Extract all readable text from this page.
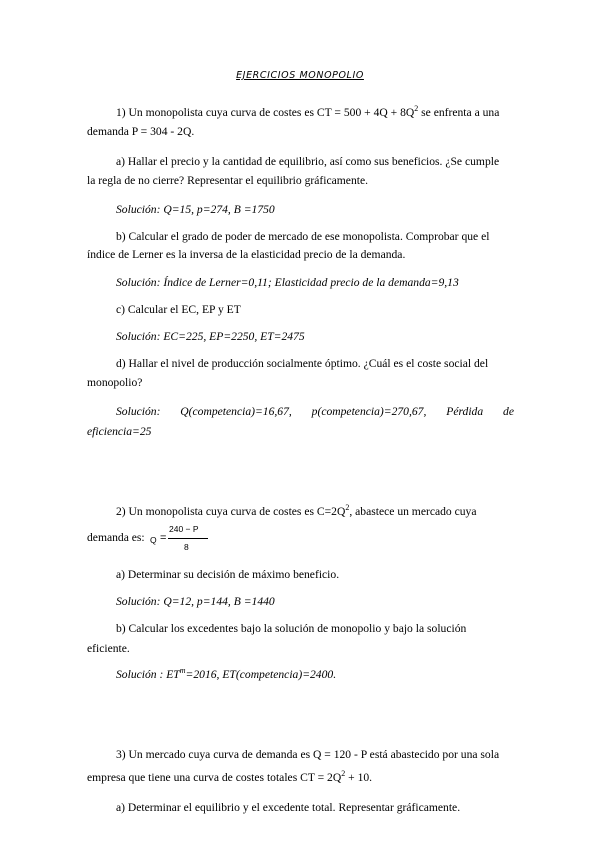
EJERCICIOS MONOPOLIO
1) Un monopolista cuya curva de costes es CT = $500 + 4Q + 8Q^2$ se enfrenta a una
demanda P = 304 - 2Q.
a) Hallar el precio y la cantidad de equilibrio, así como sus beneficios. ¿Se cumple
la regla de no cierre? Representar el equilibrio gráficamente.
Solución: Q=15, p=274, B =1750
b) Calcular el grado de poder de mercado de ese monopolista. Comprobar que el
índice de Lerner es la inversa de la elasticidad precio de la demanda.
Solución: Índice de Lerner=0,11; Elasticidad precio de la demanda=9,13
c) Calcular el EC, EP y ET
Solución: EC=225, EP=2250, ET=2475
d) Hallar el nivel de producción socialmente óptimo. ¿Cuál es el coste social del
monopolio?
Solución: Q(competencia)=16,67, p(competencia)=270,67, Pérdida de
eficiencia=25
2) Un monopolista cuya curva de costes es $C=2Q^2$, abastece un mercado cuya
demanda es: Q =
240 − P
8
a) Determinar su decisión de máximo beneficio.
Solución: Q=12, p=144, B =1440
b) Calcular los excedentes bajo la solución de monopolio y bajo la solución
eficiente.
Solución : $ET^m=2016$, ET(competencia)=2400.
3) Un mercado cuya curva de demanda es Q = 120 - P está abastecido por una sola
empresa que tiene una curva de costes totales CT = $2Q^2 + 10$.
a) Determinar el equilibrio y el excedente total. Representar gráficamente.
